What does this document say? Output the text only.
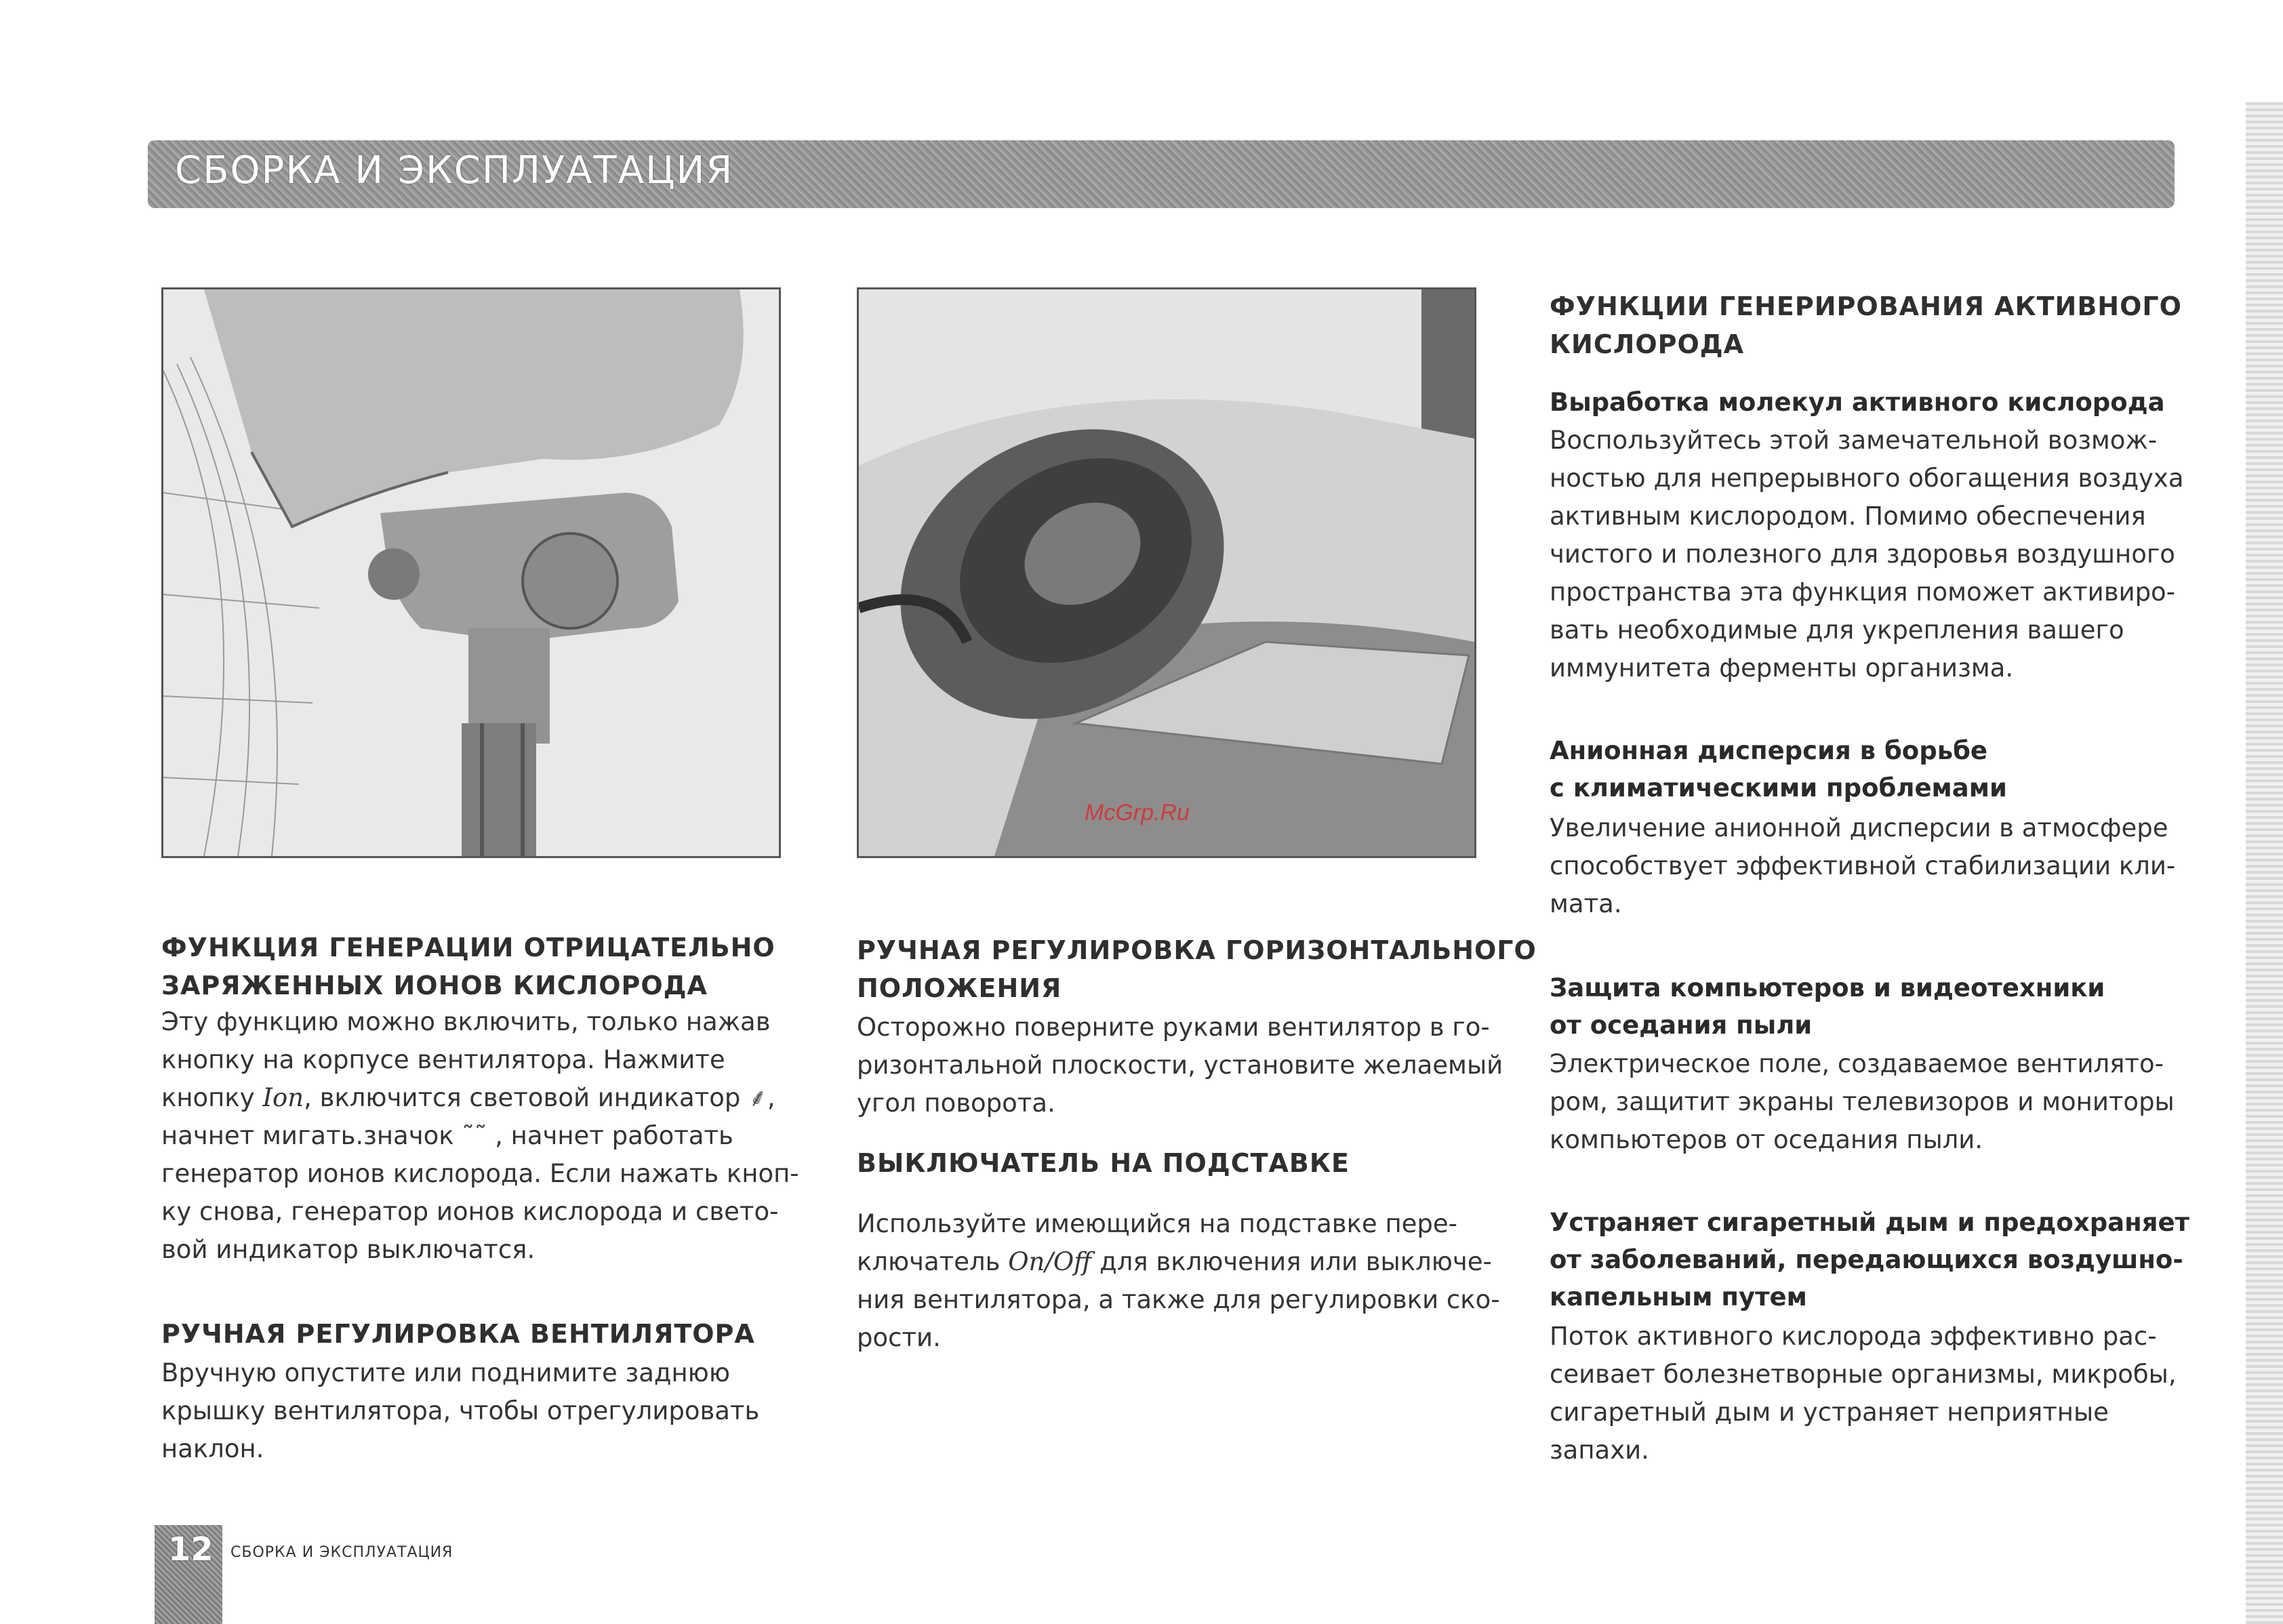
СБОРКА И ЭКСПЛУАТАЦИЯ
McGrp.Ru
ФУНКЦИЯ ГЕНЕРАЦИИ ОТРИЦАТЕЛЬНО
ЗАРЯЖЕННЫХ ИОНОВ КИСЛОРОДА
Эту функцию можно включить, только нажав
кнопку на корпусе вентилятора. Нажмите
кнопку Ion, включится световой индикатор ⸙,
начнет мигать.значок ˜˜ , начнет работать
генератор ионов кислорода. Если нажать кноп-
ку снова, генератор ионов кислорода и свето-
вой индикатор выключатся.
РУЧНАЯ РЕГУЛИРОВКА ВЕНТИЛЯТОРА
Вручную опустите или поднимите заднюю
крышку вентилятора, чтобы отрегулировать
наклон.
РУЧНАЯ РЕГУЛИРОВКА ГОРИЗОНТАЛЬНОГО
ПОЛОЖЕНИЯ
Осторожно поверните руками вентилятор в го-
ризонтальной плоскости, установите желаемый
угол поворота.
ВЫКЛЮЧАТЕЛЬ НА ПОДСТАВКЕ
Используйте имеющийся на подставке пере-
ключатель On/Off для включения или выключе-
ния вентилятора, а также для регулировки ско-
рости.
ФУНКЦИИ ГЕНЕРИРОВАНИЯ АКТИВНОГО
КИСЛОРОДА
Выработка молекул активного кислорода
Воспользуйтесь этой замечательной возмож-
ностью для непрерывного обогащения воздуха
активным кислородом. Помимо обеспечения
чистого и полезного для здоровья воздушного
пространства эта функция поможет активиро-
вать необходимые для укрепления вашего
иммунитета ферменты организма.
Анионная дисперсия в борьбе
с климатическими проблемами
Увеличение анионной дисперсии в атмосфере
способствует эффективной стабилизации кли-
мата.
Защита компьютеров и видеотехники
от оседания пыли
Электрическое поле, создаваемое вентилято-
ром, защитит экраны телевизоров и мониторы
компьютеров от оседания пыли.
Устраняет сигаретный дым и предохраняет
от заболеваний, передающихся воздушно-
капельным путем
Поток активного кислорода эффективно рас-
сеивает болезнетворные организмы, микробы,
сигаретный дым и устраняет неприятные
запахи.
12 СБОРКА И ЭКСПЛУАТАЦИЯ
